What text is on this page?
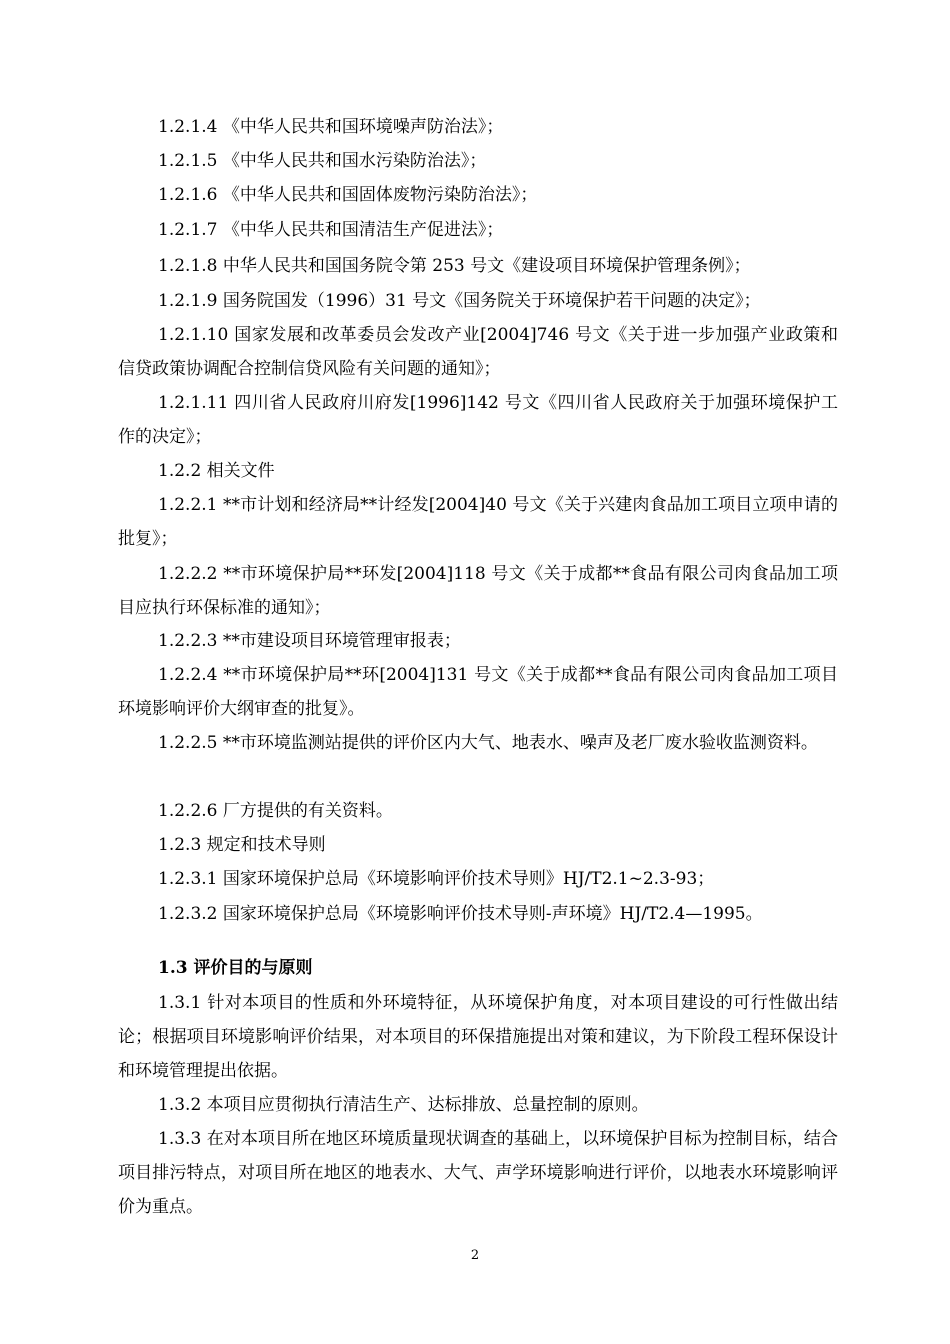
1.2.1.4 《中华人民共和国环境噪声防治法》；
1.2.1.5 《中华人民共和国水污染防治法》；
1.2.1.6 《中华人民共和国固体废物污染防治法》；
1.2.1.7 《中华人民共和国清洁生产促进法》；
1.2.1.8 中华人民共和国国务院令第 253 号文《建设项目环境保护管理条例》；
1.2.1.9 国务院国发（1996）31 号文《国务院关于环境保护若干问题的决定》；
1.2.1.10 国家发展和改革委员会发改产业[2004]746 号文《关于进一步加强产业政策和信贷政策协调配合控制信贷风险有关问题的通知》；
1.2.1.11 四川省人民政府川府发[1996]142 号文《四川省人民政府关于加强环境保护工作的决定》；
1.2.2 相关文件
1.2.2.1 **市计划和经济局**计经发[2004]40 号文《关于兴建肉食品加工项目立项申请的批复》；
1.2.2.2 **市环境保护局**环发[2004]118 号文《关于成都**食品有限公司肉食品加工项目应执行环保标准的通知》；
1.2.2.3 **市建设项目环境管理审报表；
1.2.2.4 **市环境保护局**环[2004]131 号文《关于成都**食品有限公司肉食品加工项目环境影响评价大纲审查的批复》。
1.2.2.5 **市环境监测站提供的评价区内大气、地表水、噪声及老厂废水验收监测资料。
1.2.2.6 厂方提供的有关资料。
1.2.3 规定和技术导则
1.2.3.1 国家环境保护总局《环境影响评价技术导则》HJ/T2.1~2.3-93；
1.2.3.2 国家环境保护总局《环境影响评价技术导则-声环境》HJ/T2.4—1995。
1.3 评价目的与原则
1.3.1 针对本项目的性质和外环境特征，从环境保护角度，对本项目建设的可行性做出结论；根据项目环境影响评价结果，对本项目的环保措施提出对策和建议，为下阶段工程环保设计和环境管理提出依据。
1.3.2 本项目应贯彻执行清洁生产、达标排放、总量控制的原则。
1.3.3 在对本项目所在地区环境质量现状调查的基础上，以环境保护目标为控制目标，结合项目排污特点，对项目所在地区的地表水、大气、声学环境影响进行评价，以地表水环境影响评价为重点。
2
